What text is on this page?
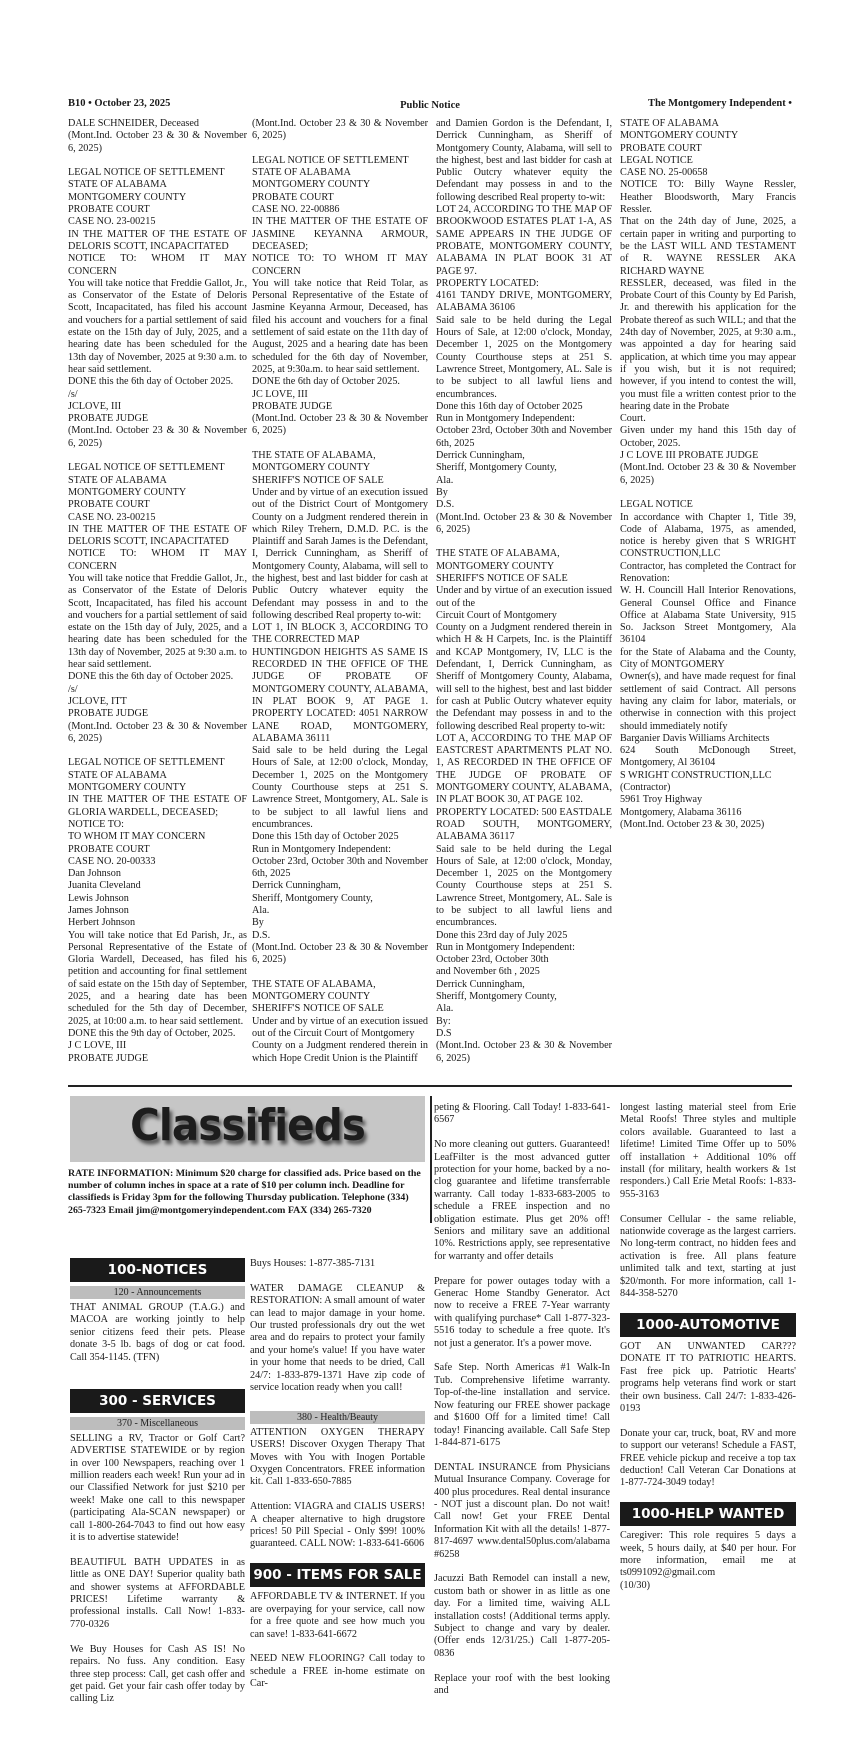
B10 • October 23, 2025	Public Notice	The Montgomery Independent •

DALE SCHNEIDER, Deceased

(Mont.Ind. October 23 & 30 & November 6, 2025)

LEGAL NOTICE OF SETTLEMENT

STATE OF ALABAMA

MONTGOMERY COUNTY

PROBATE COURT

CASE NO. 23-00215

IN THE MATTER OF THE ESTATE OF DELORIS SCOTT, INCAPACITATED

NOTICE TO: WHOM IT MAY CONCERN

You will take notice that Freddie Gallot, Jr., as Conservator of the Estate of Deloris Scott, Incapacitated, has filed his account and vouchers for a partial settlement of said estate on the 15th day of July, 2025, and a hearing date has been scheduled for the 13th day of November, 2025 at 9:30 a.m. to hear said settlement.

DONE this the 6th day of October 2025.

/s/

JCLOVE, III

PROBATE JUDGE

(Mont.Ind. October 23 & 30 & November 6, 2025)

LEGAL NOTICE OF SETTLEMENT

STATE OF ALABAMA

MONTGOMERY COUNTY

PROBATE COURT

CASE NO. 23-00215

IN THE MATTER OF THE ESTATE OF DELORIS SCOTT, INCAPACITATED

NOTICE TO: WHOM IT MAY CONCERN

You will take notice that Freddie Gallot, Jr., as Conservator of the Estate of Deloris Scott, Incapacitated, has filed his account and vouchers for a partial settlement of said estate on the 15th day of July, 2025, and a hearing date has been scheduled for the 13th day of November, 2025 at 9:30 a.m. to hear said settlement.

DONE this the 6th day of October 2025.

/s/

JCLOVE, ITT

PROBATE JUDGE

(Mont.Ind. October 23 & 30 & November 6, 2025)

LEGAL NOTICE OF SETTLEMENT

STATE OF ALABAMA

MONTGOMERY COUNTY

IN THE MATTER OF THE ESTATE OF GLORIA WARDELL, DECEASED;

NOTICE TO:

TO WHOM IT MAY CONCERN

PROBATE COURT

CASE NO. 20-00333

Dan Johnson

Juanita Cleveland

Lewis Johnson

James Johnson

Herbert Johnson

You will take notice that Ed Parish, Jr., as Personal Representative of the Estate of Gloria Wardell, Deceased, has filed his petition and accounting for final settlement of said estate on the 15th day of September, 2025, and a hearing date has been scheduled for the 5th day of December, 2025, at 10:00 a.m. to hear said settlement.

DONE this the 9th day of October, 2025.

J C LOVE, III

PROBATE JUDGE

(Mont.Ind. October 23 & 30 & November 6, 2025)

LEGAL NOTICE OF SETTLEMENT

STATE OF ALABAMA

MONTGOMERY COUNTY

PROBATE COURT

CASE NO. 22-00886

IN THE MATTER OF THE ESTATE OF JASMINE KEYANNA ARMOUR, DECEASED;

NOTICE TO: TO WHOM IT MAY CONCERN

You will take notice that Reid Tolar, as Personal Representative of the Estate of Jasmine Keyanna Armour, Deceased, has filed his account and vouchers for a final settlement of said estate on the 11th day of August, 2025 and a hearing date has been scheduled for the 6th day of November, 2025, at 9:30a.m. to hear said settlement.

DONE the 6th day of October 2025.

JC LOVE, III

PROBATE JUDGE

(Mont.Ind. October 23 & 30 & November 6, 2025)

THE STATE OF ALABAMA,

MONTGOMERY COUNTY

SHERIFF'S NOTICE OF SALE

Under and by virtue of an execution issued out of the District Court of Montgomery County on a Judgment rendered therein in which Riley Trehern, D.M.D. P.C. is the Plaintiff and Sarah James is the Defendant, I, Derrick Cunningham, as Sheriff of Montgomery County, Alabama, will sell to the highest, best and last bidder for cash at Public Outcry whatever equity the Defendant may possess in and to the following described Real property to-wit:

LOT 1, IN BLOCK 3, ACCORDING TO THE CORRECTED MAP

HUNTINGDON HEIGHTS AS SAME IS RECORDED IN THE OFFICE OF THE JUDGE OF PROBATE OF MONTGOMERY COUNTY, ALABAMA, IN PLAT BOOK 9, AT PAGE 1. PROPERTY LOCATED: 4051 NARROW LANE ROAD, MONTGOMERY, ALABAMA 36111

Said sale to be held during the Legal Hours of Sale, at 12:00 o'clock, Monday, December 1, 2025 on the Montgomery County Courthouse steps at 251 S. Lawrence Street, Montgomery, AL. Sale is to be subject to all lawful liens and encumbrances.

Done this 15th day of October 2025

Run in Montgomery Independent:

October 23rd, October 30th and November 6th, 2025

Derrick Cunningham,

Sheriff, Montgomery County,

Ala.

By

D.S.

(Mont.Ind. October 23 & 30 & November 6, 2025)

THE STATE OF ALABAMA,

MONTGOMERY COUNTY

SHERIFF'S NOTICE OF SALE

Under and by virtue of an execution issued out of the Circuit Court of Montgomery

County on a Judgment rendered therein in which Hope Credit Union is the Plaintiff

and Damien Gordon is the Defendant, I, Derrick Cunningham, as Sheriff of Montgomery County, Alabama, will sell to the highest, best and last bidder for cash at Public Outcry whatever equity the Defendant may possess in and to the following described Real property to-wit:

LOT 24, ACCORDING TO THE MAP OF BROOKWOOD ESTATES PLAT 1-A, AS SAME APPEARS IN THE JUDGE OF PROBATE, MONTGOMERY COUNTY, ALABAMA IN PLAT BOOK 31 AT PAGE 97.

PROPERTY LOCATED:

4161 TANDY DRIVE, MONTGOMERY, ALABAMA 36106

Said sale to be held during the Legal Hours of Sale, at 12:00 o'clock, Monday, December 1, 2025 on the Montgomery County Courthouse steps at 251 S. Lawrence Street, Montgomery, AL. Sale is to be subject to all lawful liens and encumbrances.

Done this 16th day of October 2025

Run in Montgomery Independent:

October 23rd, October 30th and November 6th, 2025

Derrick Cunningham,

Sheriff, Montgomery County,

Ala.

By

D.S.

(Mont.Ind. October 23 & 30 & November 6, 2025)

THE STATE OF ALABAMA,

MONTGOMERY COUNTY

SHERIFF'S NOTICE OF SALE

Under and by virtue of an execution issued out of the

Circuit Court of Montgomery

County on a Judgment rendered therein in which H & H Carpets, Inc. is the Plaintiff and KCAP Montgomery, IV, LLC is the Defendant, I, Derrick Cunningham, as Sheriff of Montgomery County, Alabama, will sell to the highest, best and last bidder for cash at Public Outcry whatever equity the Defendant may possess in and to the following described Real property to-wit:

LOT A, ACCORDING TO THE MAP OF EASTCREST APARTMENTS PLAT NO. 1, AS RECORDED IN THE OFFICE OF THE JUDGE OF PROBATE OF MONTGOMERY COUNTY, ALABAMA, IN PLAT BOOK 30, AT PAGE 102.

PROPERTY LOCATED: 500 EASTDALE ROAD SOUTH, MONTGOMERY, ALABAMA 36117

Said sale to be held during the Legal Hours of Sale, at 12:00 o'clock, Monday, December 1, 2025 on the Montgomery County Courthouse steps at 251 S. Lawrence Street, Montgomery, AL. Sale is to be subject to all lawful liens and encumbrances.

Done this 23rd day of July 2025

Run in Montgomery Independent:

October 23rd, October 30th

and November 6th , 2025

Derrick Cunningham,

Sheriff, Montgomery County,

Ala.

By:

D.S

(Mont.Ind. October 23 & 30 & November 6, 2025)

STATE OF ALABAMA

MONTGOMERY COUNTY

PROBATE COURT

LEGAL NOTICE

CASE NO. 25-00658

NOTICE TO: Billy Wayne Ressler, Heather Bloodsworth, Mary Francis Ressler.

That on the 24th day of June, 2025, a certain paper in writing and purporting to be the LAST WILL AND TESTAMENT of R. WAYNE RESSLER AKA RICHARD WAYNE

RESSLER, deceased, was filed in the Probate Court of this County by Ed Parish, Jr. and therewith his application for the Probate thereof as such WILL; and that the 24th day of November, 2025, at 9:30 a.m., was appointed a day for hearing said application, at which time you may appear if you wish, but it is not required; however, if you intend to contest the will, you must file a written contest prior to the hearing date in the Probate

Court.

Given under my hand this 15th day of October, 2025.

J C LOVE III PROBATE JUDGE

(Mont.Ind. October 23 & 30 & November 6, 2025)

LEGAL NOTICE

In accordance with Chapter 1, Title 39, Code of Alabama, 1975, as amended, notice is hereby given that S WRIGHT CONSTRUCTION,LLC

Contractor, has completed the Contract for Renovation:

W. H. Councill Hall Interior Renovations, General Counsel Office and Finance Office at Alabama State University, 915 So. Jackson Street Montgomery, Ala 36104

for the State of Alabama and the County, City of MONTGOMERY

Owner(s), and have made request for final settlement of said Contract. All persons having any claim for labor, materials, or otherwise in connection with this project should immediately notify

Barganier Davis Williams Architects

624 South McDonough Street, Montgomery, Al 36104

S WRIGHT CONSTRUCTION,LLC

(Contractor)

5961 Troy Highway

Montgomery, Alabama 36116

(Mont.Ind. October 23 & 30, 2025)

Classifieds
RATE INFORMATION: Minimum $20 charge for classified ads. Price based on the number of column inches in space at a rate of $10 per column inch. Deadline for classifieds is Friday 3pm for the following Thursday publication. Telephone (334) 265-7323 Email jim@montgomeryindependent.com FAX (334) 265-7320
100-NOTICES
120 - Announcements

THAT ANIMAL GROUP (T.A.G.) and MACOA are working jointly to help senior citizens feed their pets. Please donate 3-5 lb. bags of dog or cat food. Call 354-1145. (TFN)

300 - SERVICES
370 - Miscellaneous

SELLING a RV, Tractor or Golf Cart? ADVERTISE STATEWIDE or by region in over 100 Newspapers, reaching over 1 million readers each week! Run your ad in our Classified Network for just $210 per week! Make one call to this newspaper (participating Ala-SCAN newspaper) or call 1-800-264-7043 to find out how easy it is to advertise statewide!

BEAUTIFUL BATH UPDATES in as little as ONE DAY! Superior quality bath and shower systems at AFFORDABLE PRICES! Lifetime warranty & professional installs. Call Now! 1-833-770-0326

We Buy Houses for Cash AS IS! No repairs. No fuss. Any condition. Easy three step process: Call, get cash offer and get paid. Get your fair cash offer today by calling Liz

Buys Houses: 1-877-385-7131

WATER DAMAGE CLEANUP & RESTORATION: A small amount of water can lead to major damage in your home. Our trusted professionals dry out the wet area and do repairs to protect your family and your home's value! If you have water in your home that needs to be dried, Call 24/7: 1-833-879-1371 Have zip code of service location ready when you call!

380 - Health/Beauty

ATTENTION OXYGEN THERAPY USERS! Discover Oxygen Therapy That Moves with You with Inogen Portable Oxygen Concentrators. FREE information kit. Call 1-833-650-7885

Attention: VIAGRA and CIALIS USERS! A cheaper alternative to high drugstore prices! 50 Pill Special - Only $99! 100% guaranteed. CALL NOW: 1-833-641-6606

900 - ITEMS FOR SALE

AFFORDABLE TV & INTERNET. If you are overpaying for your service, call now for a free quote and see how much you can save! 1-833-641-6672

NEED NEW FLOORING? Call today to schedule a FREE in-home estimate on Car-

peting & Flooring. Call Today! 1-833-641-6567

No more cleaning out gutters. Guaranteed! LeafFilter is the most advanced gutter protection for your home, backed by a no-clog guarantee and lifetime transferrable warranty. Call today 1-833-683-2005 to schedule a FREE inspection and no obligation estimate. Plus get 20% off! Seniors and military save an additional 10%. Restrictions apply, see representative for warranty and offer details

Prepare for power outages today with a Generac Home Standby Generator. Act now to receive a FREE 7-Year warranty with qualifying purchase* Call 1-877-323-5516 today to schedule a free quote. It's not just a generator. It's a power move.

Safe Step. North Americas #1 Walk-In Tub. Comprehensive lifetime warranty. Top-of-the-line installation and service. Now featuring our FREE shower package and $1600 Off for a limited time! Call today! Financing available. Call Safe Step 1-844-871-6175

DENTAL INSURANCE from Physicians Mutual Insurance Company. Coverage for 400 plus procedures. Real dental insurance - NOT just a discount plan. Do not wait! Call now! Get your FREE Dental Information Kit with all the details! 1-877-817-4697 www.dental50plus.com/alabama #6258

Jacuzzi Bath Remodel can install a new, custom bath or shower in as little as one day. For a limited time, waiving ALL installation costs! (Additional terms apply. Subject to change and vary by dealer. (Offer ends 12/31/25.) Call 1-877-205-0836

Replace your roof with the best looking and

longest lasting material steel from Erie Metal Roofs! Three styles and multiple colors available. Guaranteed to last a lifetime! Limited Time Offer up to 50% off installation + Additional 10% off install (for military, health workers & 1st responders.) Call Erie Metal Roofs: 1-833-955-3163

Consumer Cellular - the same reliable, nationwide coverage as the largest carriers. No long-term contract, no hidden fees and activation is free. All plans feature unlimited talk and text, starting at just $20/month. For more information, call 1-844-358-5270

1000-AUTOMOTIVE

GOT AN UNWANTED CAR??? DONATE IT TO PATRIOTIC HEARTS. Fast free pick up. Patriotic Hearts' programs help veterans find work or start their own business. Call 24/7: 1-833-426-0193

Donate your car, truck, boat, RV and more to support our veterans! Schedule a FAST, FREE vehicle pickup and receive a top tax deduction! Call Veteran Car Donations at 1-877-724-3049 today!

1000-HELP WANTED

Caregiver: This role requires 5 days a week, 5 hours daily, at $40 per hour. For more information, email me at ts0991092@gmail.com

(10/30)
